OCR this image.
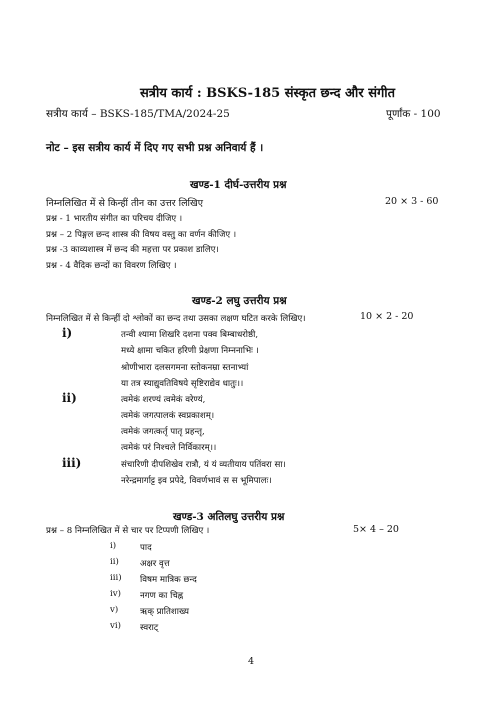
सत्रीय कार्य : BSKS-185 संस्कृत छन्द और संगीत
सत्रीय कार्य – BSKS-185/TMA/2024-25	पूर्णांक - 100
नोट – इस सत्रीय कार्य में दिए गए सभी प्रश्न अनिवार्य हैं ।
खण्ड-1 दीर्घ-उत्तरीय प्रश्न
निम्नलिखित में से किन्हीं तीन का उत्तर लिखिए	20 × 3 - 60
प्रश्न - 1 भारतीय संगीत का परिचय दीजिए ।
प्रश्न – 2 पिङ्गल छन्द शास्त्र की विषय वस्तु का वर्णन कीजिए ।
प्रश्न -3 काव्यशास्त्र में छन्द की महत्ता पर प्रकाश डालिए।
प्रश्न - 4 वैदिक छन्दों का विवरण लिखिए ।
खण्ड-2 लघु उत्तरीय प्रश्न
निम्नलिखित में से किन्हीं दो श्लोकों का छन्द तथा उसका लक्षण घटित करके लिखिए।	10 × 2 - 20
i)	तन्वी श्यामा शिखरि दशना पक्व बिम्बाधरोष्ठी,
मध्ये क्षामा चकित हरिणी प्रेक्षणा निम्ननाभिः ।
श्रोणीभारा दलसगमना स्तोकनम्रा स्तनाभ्यां
या तत्र स्याद्युवतिविषये सृष्टिराद्येव धातुः।।
ii)	त्वमेकं शरण्यं त्वमेकं वरेण्यं,
त्वमेकं जगत्पालकं स्वप्रकाशम्।
त्वमेकं जगत्कर्तृ पातृ प्रहन्तृ,
त्वमेकं परं निश्चले निर्विकारम्।।
iii)	संचारिणी दीपशिखेव रात्रौ, यं यं व्यतीयाय पतिंवरा सा।
नरेन्द्रमार्गाट्ट इव प्रपेदे, विवर्णभावं स स भूमिपालः।
खण्ड-3 अतिलघु उत्तरीय प्रश्न
प्रश्न – 8 निम्नलिखित में से चार पर टिप्पणी लिखिए ।	5× 4 – 20
i)	पाद
ii) अक्षर वृत्त
iii) विषम मात्रिक छन्द
iv) नगण का चिह्न
v)	ऋक् प्रातिशाख्य
vi) स्वराट्
4
